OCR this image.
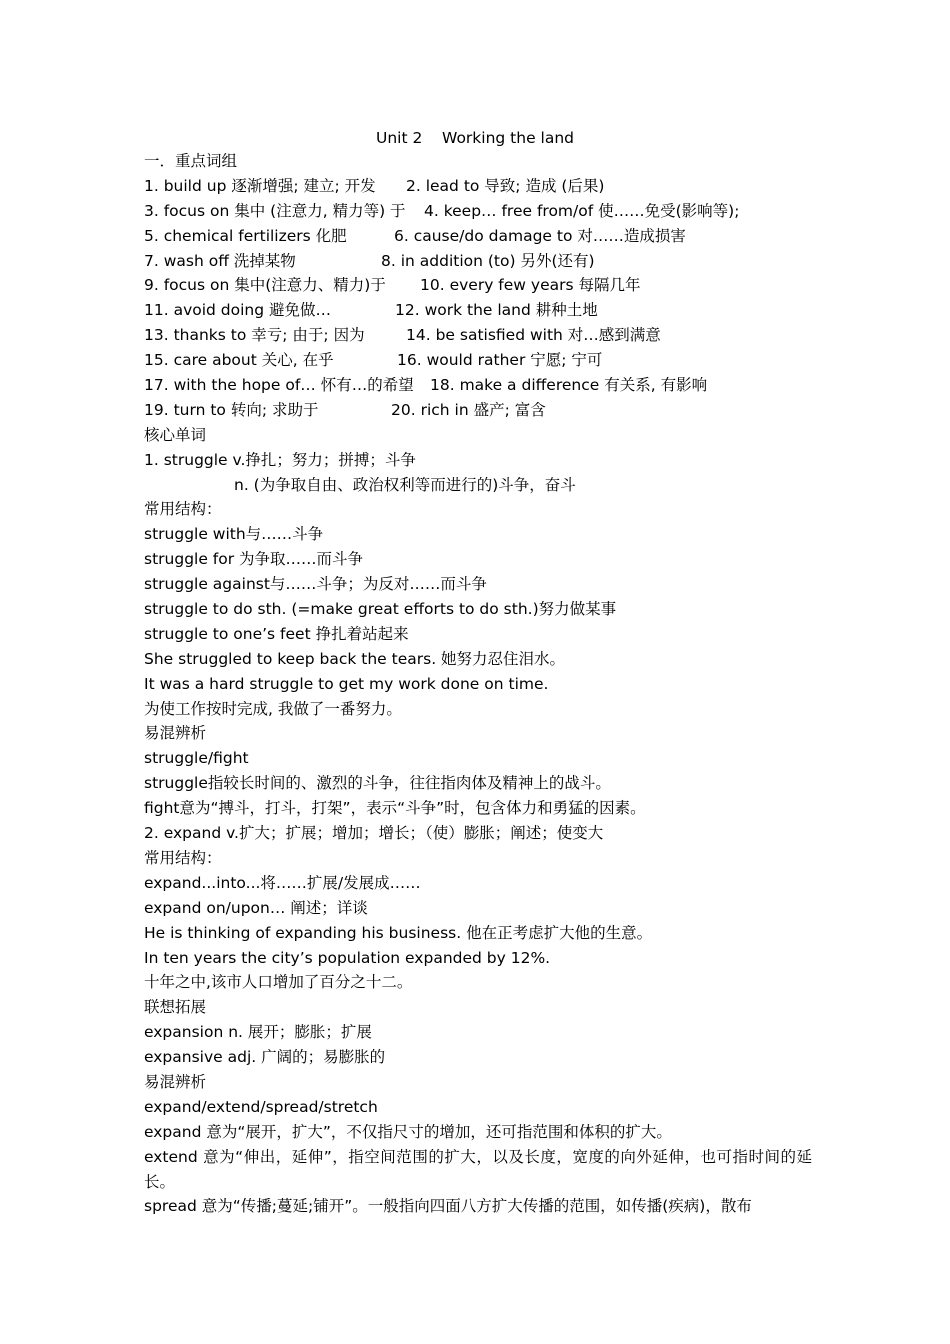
Unit 2    Working the land
一．重点词组
1. build up 逐渐增强; 建立; 开发 2. lead to 导致; 造成 (后果)
3. focus on 集中 (注意力, 精力等) 于 4. keep… free from/of 使……免受(影响等);
5. chemical fertilizers 化肥	6. cause/do damage to 对……造成损害
7. wash off 洗掉某物	8. in addition (to) 另外(还有)
9. focus on 集中(注意力、精力)于 10. every few years 每隔几年
11. avoid doing 避免做…	12. work the land 耕种土地
13. thanks to 幸亏; 由于; 因为	14. be satisfied with 对…感到满意
15. care about 关心, 在乎	16. would rather 宁愿; 宁可
17. with the hope of… 怀有…的希望 18. make a difference 有关系, 有影响
19. turn to 转向; 求助于	20. rich in 盛产; 富含
核心单词
1. struggle v.挣扎；努力；拼搏；斗争
n. (为争取自由、政治权利等而进行的)斗争，奋斗
常用结构：
struggle with与……斗争
struggle for 为争取……而斗争
struggle against与……斗争；为反对……而斗争
struggle to do sth. (=make great efforts to do sth.)努力做某事
struggle to one’s feet 挣扎着站起来
She struggled to keep back the tears. 她努力忍住泪水。
It was a hard struggle to get my work done on time.
为使工作按时完成, 我做了一番努力。
易混辨析
struggle/fight
struggle指较长时间的、激烈的斗争，往往指肉体及精神上的战斗。
fight意为“搏斗，打斗，打架”，表示“斗争”时，包含体力和勇猛的因素。
2. expand v.扩大；扩展；增加；增长；（使）膨胀；阐述；使变大
常用结构：
expand...into...将……扩展/发展成……
expand on/upon… 阐述；详谈
He is thinking of expanding his business. 他在正考虑扩大他的生意。
In ten years the city’s population expanded by 12%.
十年之中,该市人口增加了百分之十二。
联想拓展
expansion n. 展开；膨胀；扩展
expansive adj. 广阔的；易膨胀的
易混辨析
expand/extend/spread/stretch
expand 意为“展开，扩大”，不仅指尺寸的增加，还可指范围和体积的扩大。
extend 意为“伸出，延伸”，指空间范围的扩大，以及长度，宽度的向外延伸，也可指时间的延长。
spread 意为“传播;蔓延;铺开”。一般指向四面八方扩大传播的范围，如传播(疾病)，散布
